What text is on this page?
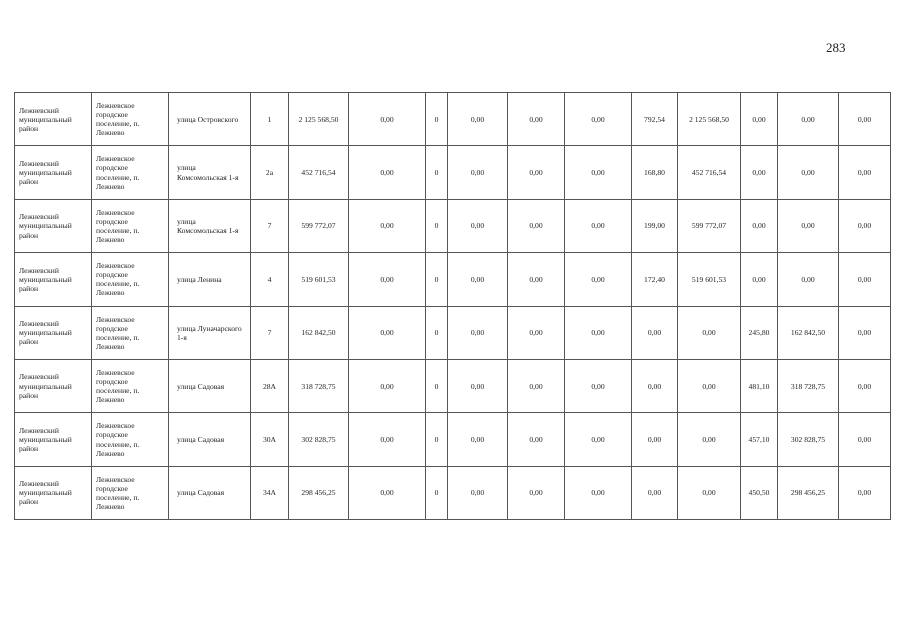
283
Лежневский муниципальный район	Лежневское городское поселение, п. Лежнево	улица Островского	1	2 125 568,50	0,00	0	0,00	0,00	0,00	792,54	2 125 568,50	0,00	0,00	0,00
Лежневский муниципальный район	Лежневское городское поселение, п. Лежнево	улица Комсомольская 1-я	2а	452 716,54	0,00	0	0,00	0,00	0,00	168,80	452 716,54	0,00	0,00	0,00
Лежневский муниципальный район	Лежневское городское поселение, п. Лежнево	улица Комсомольская 1-я	7	599 772,07	0,00	0	0,00	0,00	0,00	199,00	599 772,07	0,00	0,00	0,00
Лежневский муниципальный район	Лежневское городское поселение, п. Лежнево	улица Ленина	4	519 601,53	0,00	0	0,00	0,00	0,00	172,40	519 601,53	0,00	0,00	0,00
Лежневский муниципальный район	Лежневское городское поселение, п. Лежнево	улица Луначарского 1-я	7	162 842,50	0,00	0	0,00	0,00	0,00	0,00	0,00	245,80	162 842,50	0,00
Лежневский муниципальный район	Лежневское городское поселение, п. Лежнево	улица Садовая	28А	318 728,75	0,00	0	0,00	0,00	0,00	0,00	0,00	481,10	318 728,75	0,00
Лежневский муниципальный район	Лежневское городское поселение, п. Лежнево	улица Садовая	30А	302 828,75	0,00	0	0,00	0,00	0,00	0,00	0,00	457,10	302 828,75	0,00
Лежневский муниципальный район	Лежневское городское поселение, п. Лежнево	улица Садовая	34А	298 456,25	0,00	0	0,00	0,00	0,00	0,00	0,00	450,50	298 456,25	0,00
